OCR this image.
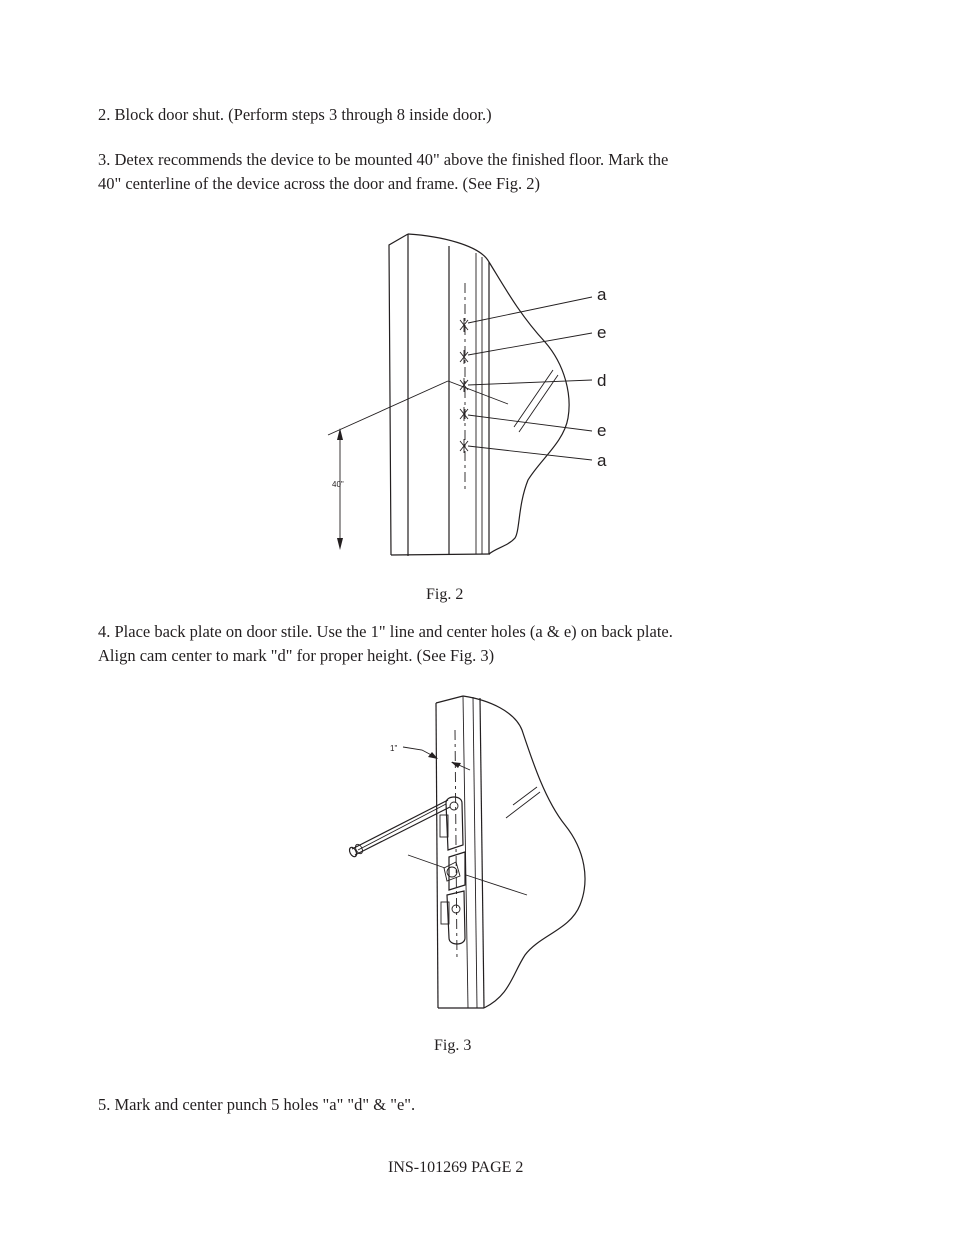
2. Block door shut. (Perform steps 3 through 8 inside door.)

3. Detex recommends the device to be mounted 40" above the finished floor. Mark the

40" centerline of the device across the door and frame. (See Fig. 2)

a
e
d
e
a
40"

Fig. 2

4. Place back plate on door stile. Use the 1" line and center holes (a & e) on back plate.

Align cam center to mark "d" for proper height. (See Fig. 3)

1"

Fig. 3

5. Mark and center punch 5 holes "a" "d" & "e".

INS-101269 PAGE 2
